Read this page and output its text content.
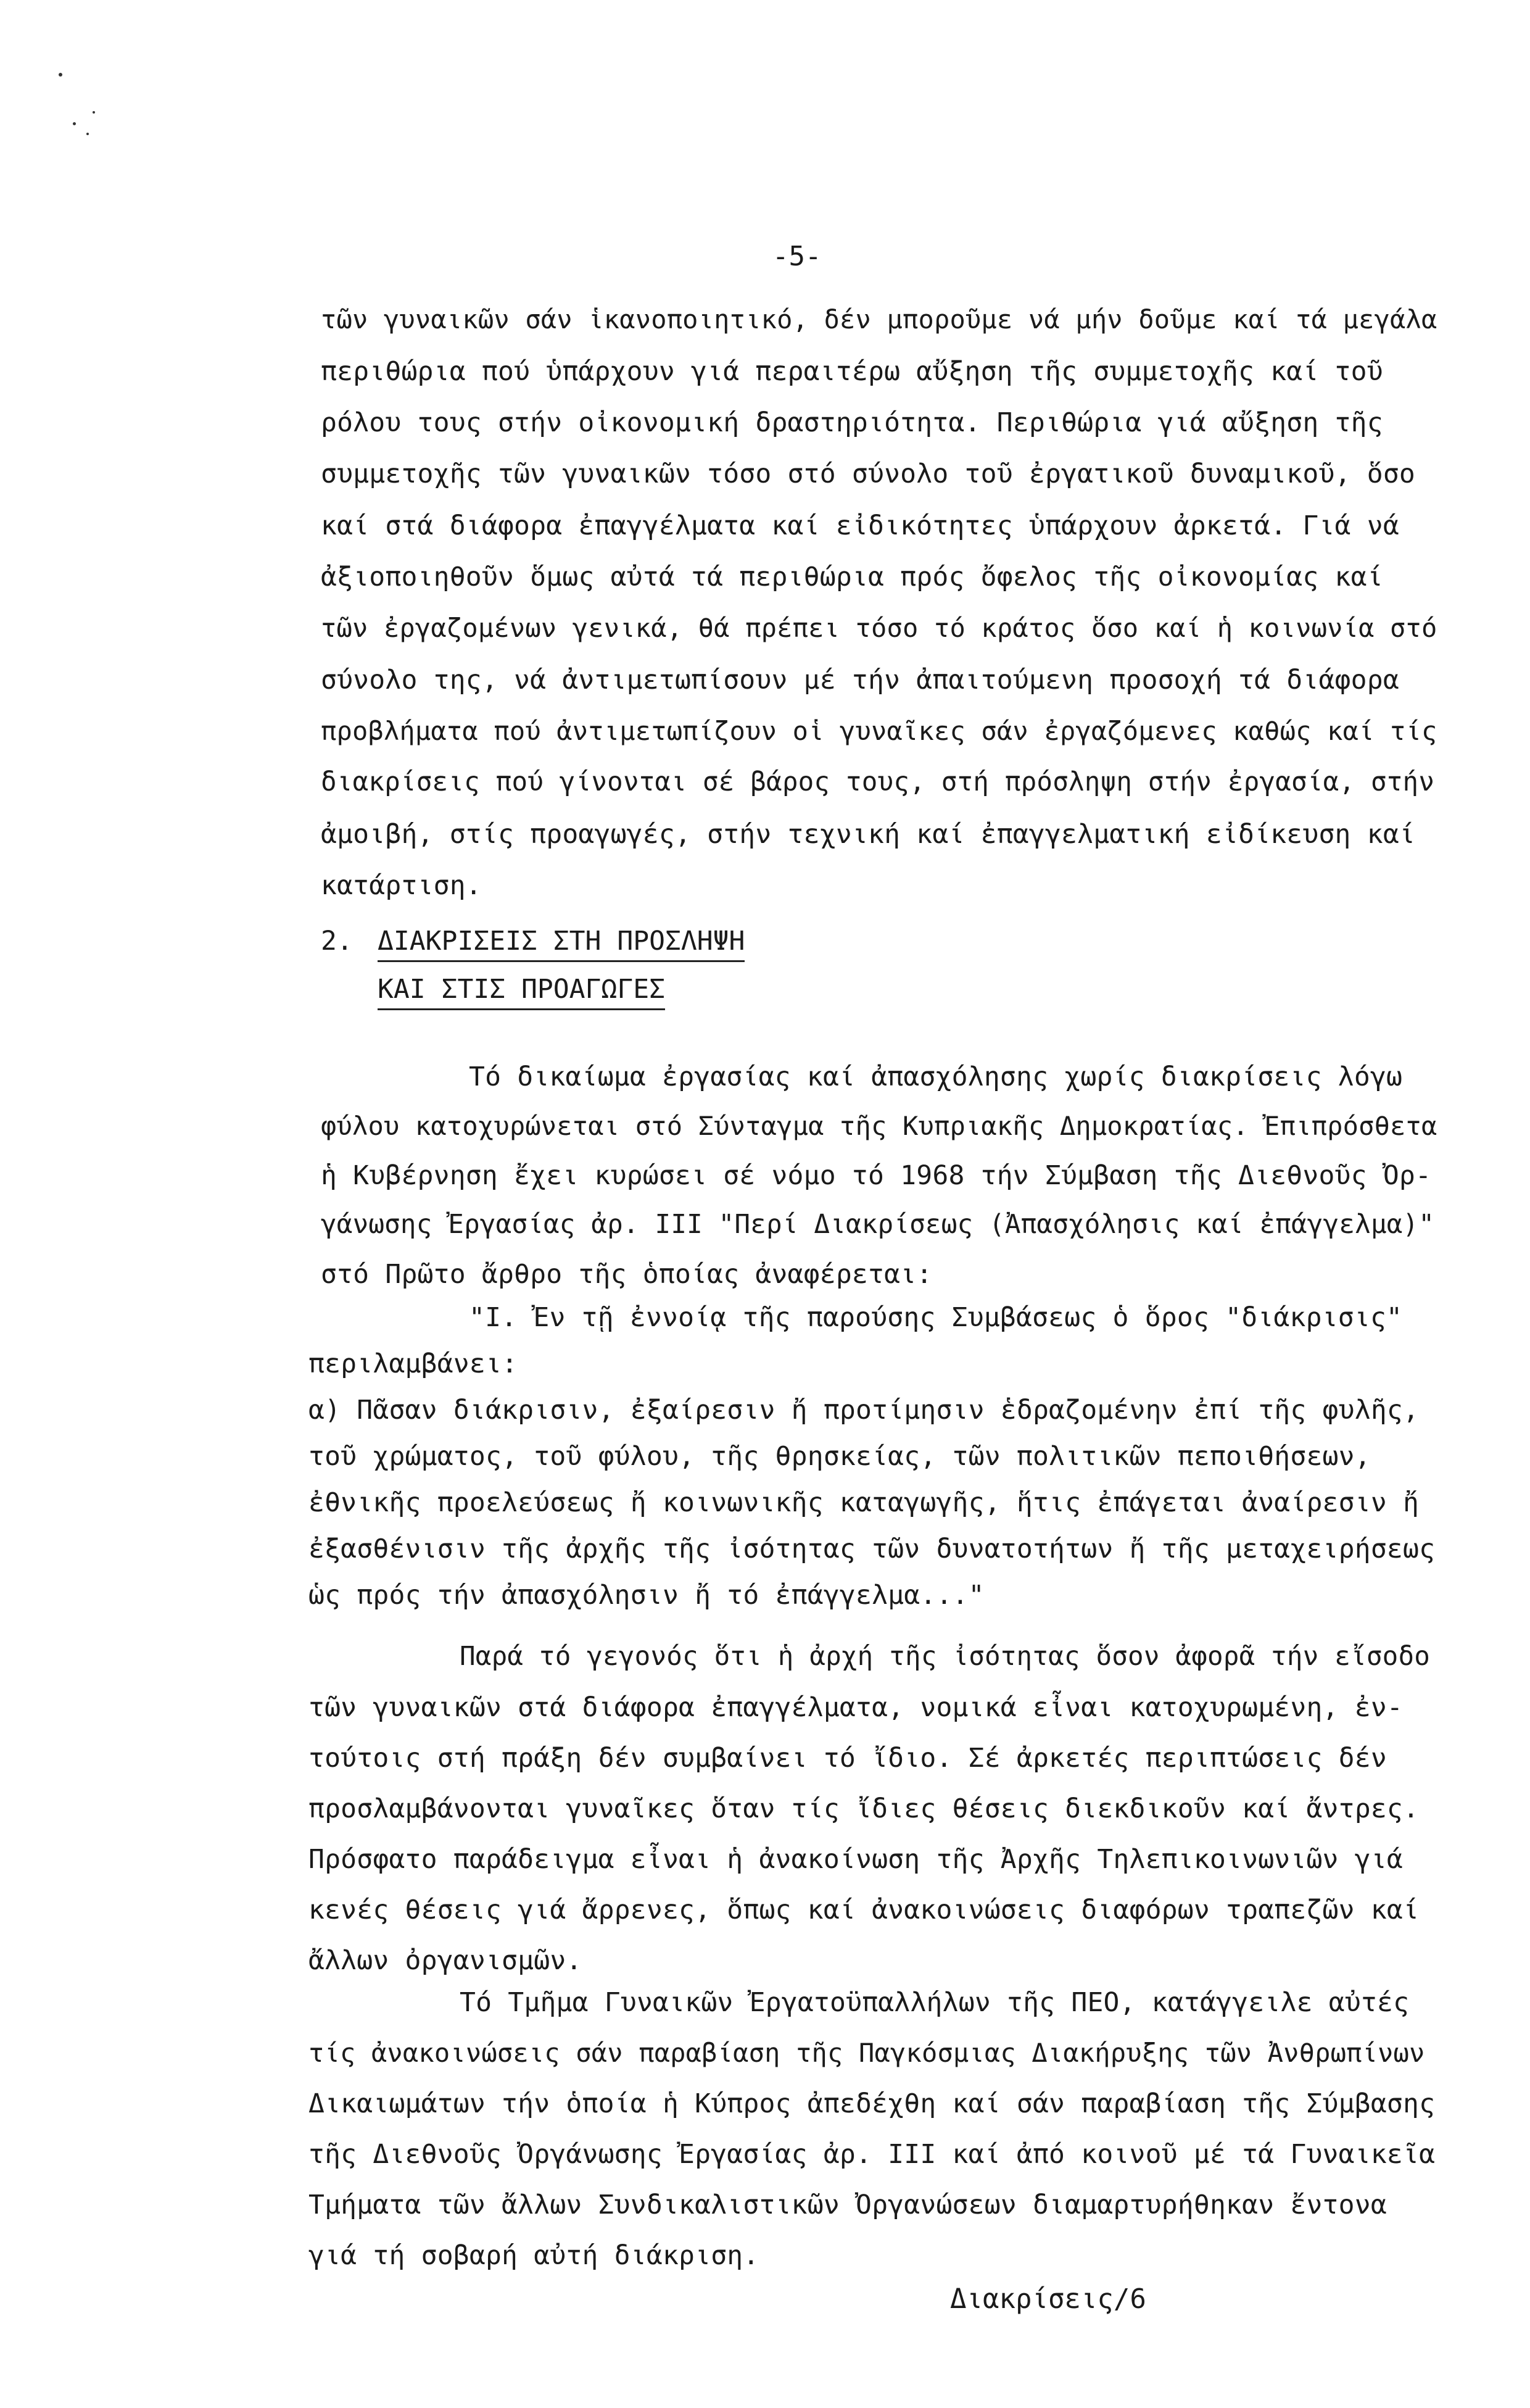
-5-
τῶν γυναικῶν σάν ἱκανοποιητικό, δέν μποροῦμε νά μήν δοῦμε καί τά μεγάλα
περιθώρια πού ὑπάρχουν γιά περαιτέρω αὔξηση τῆς συμμετοχῆς καί τοῦ
ρόλου τους στήν οἰκονομική δραστηριότητα. Περιθώρια γιά αὔξηση τῆς
συμμετοχῆς τῶν γυναικῶν τόσο στό σύνολο τοῦ ἐργατικοῦ δυναμικοῦ, ὅσο
καί στά διάφορα ἐπαγγέλματα καί εἰδικότητες ὑπάρχουν ἀρκετά. Γιά νά
ἀξιοποιηθοῦν ὅμως αὐτά τά περιθώρια πρός ὄφελος τῆς οἰκονομίας καί
τῶν ἐργαζομένων γενικά, θά πρέπει τόσο τό κράτος ὅσο καί ἡ κοινωνία στό
σύνολο της, νά ἀντιμετωπίσουν μέ τήν ἀπαιτούμενη προσοχή τά διάφορα
προβλήματα πού ἀντιμετωπίζουν οἱ γυναῖκες σάν ἐργαζόμενες καθώς καί τίς
διακρίσεις πού γίνονται σέ βάρος τους, στή πρόσληψη στήν ἐργασία, στήν
ἀμοιβή, στίς προαγωγές, στήν τεχνική καί ἐπαγγελματική εἰδίκευση καί
κατάρτιση.
2. ΔΙΑΚΡΙΣΕΙΣ ΣΤΗ ΠΡΟΣΛΗΨΗ
ΚΑΙ ΣΤΙΣ ΠΡΟΑΓΩΓΕΣ
Τό δικαίωμα ἐργασίας καί ἀπασχόλησης χωρίς διακρίσεις λόγω
φύλου κατοχυρώνεται στό Σύνταγμα τῆς Κυπριακῆς Δημοκρατίας. Ἐπιπρόσθετα
ἡ Κυβέρνηση ἔχει κυρώσει σέ νόμο τό 1968 τήν Σύμβαση τῆς Διεθνοῦς Ὀρ-
γάνωσης Ἐργασίας ἀρ. III "Περί Διακρίσεως (Ἀπασχόλησις καί ἐπάγγελμα)"
στό Πρῶτο ἄρθρο τῆς ὁποίας ἀναφέρεται:
"I. Ἐν τῇ ἐννοίᾳ τῆς παρούσης Συμβάσεως ὁ ὅρος "διάκρισις"
περιλαμβάνει:
α) Πᾶσαν διάκρισιν, ἐξαίρεσιν ἤ προτίμησιν ἑδραζομένην ἐπί τῆς φυλῆς,
τοῦ χρώματος, τοῦ φύλου, τῆς θρησκείας, τῶν πολιτικῶν πεποιθήσεων,
ἐθνικῆς προελεύσεως ἤ κοινωνικῆς καταγωγῆς, ἥτις ἐπάγεται ἀναίρεσιν ἤ
ἐξασθένισιν τῆς ἀρχῆς τῆς ἰσότητας τῶν δυνατοτήτων ἤ τῆς μεταχειρήσεως
ὡς πρός τήν ἀπασχόλησιν ἤ τό ἐπάγγελμα..."
Παρά τό γεγονός ὅτι ἡ ἀρχή τῆς ἰσότητας ὅσον ἀφορᾶ τήν εἴσοδο
τῶν γυναικῶν στά διάφορα ἐπαγγέλματα, νομικά εἶναι κατοχυρωμένη, ἐν-
τούτοις στή πράξη δέν συμβαίνει τό ἴδιο. Σέ ἀρκετές περιπτώσεις δέν
προσλαμβάνονται γυναῖκες ὅταν τίς ἴδιες θέσεις διεκδικοῦν καί ἄντρες.
Πρόσφατο παράδειγμα εἶναι ἡ ἀνακοίνωση τῆς Ἀρχῆς Τηλεπικοινωνιῶν γιά
κενές θέσεις γιά ἄρρενες, ὅπως καί ἀνακοινώσεις διαφόρων τραπεζῶν καί
ἄλλων ὀργανισμῶν.
Τό Τμῆμα Γυναικῶν Ἐργατοϋπαλλήλων τῆς ΠΕΟ, κατάγγειλε αὐτές
τίς ἀνακοινώσεις σάν παραβίαση τῆς Παγκόσμιας Διακήρυξης τῶν Ἀνθρωπίνων
Δικαιωμάτων τήν ὁποία ἡ Κύπρος ἀπεδέχθη καί σάν παραβίαση τῆς Σύμβασης
τῆς Διεθνοῦς Ὀργάνωσης Ἐργασίας ἀρ. III καί ἀπό κοινοῦ μέ τά Γυναικεῖα
Τμήματα τῶν ἄλλων Συνδικαλιστικῶν Ὀργανώσεων διαμαρτυρήθηκαν ἔντονα
γιά τή σοβαρή αὐτή διάκριση.
Διακρίσεις/6
